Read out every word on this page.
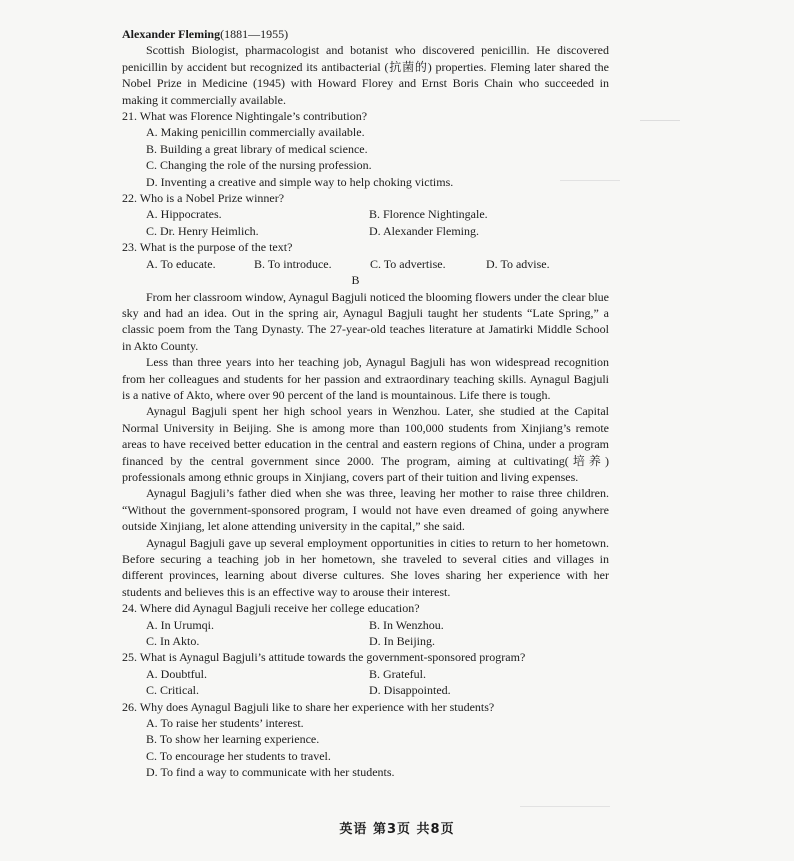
Alexander Fleming(1881—1955)

Scottish Biologist, pharmacologist and botanist who discovered penicillin. He discovered penicillin by accident but recognized its antibacterial (抗菌的) properties. Fleming later shared the Nobel Prize in Medicine (1945) with Howard Florey and Ernst Boris Chain who succeeded in making it commercially available.

21. What was Florence Nightingale’s contribution?
A. Making penicillin commercially available.
B. Building a great library of medical science.
C. Changing the role of the nursing profession.
D. Inventing a creative and simple way to help choking victims.
22. Who is a Nobel Prize winner?
A. Hippocrates.	B. Florence Nightingale.
C. Dr. Henry Heimlich.	D. Alexander Fleming.
23. What is the purpose of the text?
A. To educate.	B. To introduce.	C. To advertise.	D. To advise.
B

From her classroom window, Aynagul Bagjuli noticed the blooming flowers under the clear blue sky and had an idea. Out in the spring air, Aynagul Bagjuli taught her students “Late Spring,” a classic poem from the Tang Dynasty. The 27-year-old teaches literature at Jamatirki Middle School in Akto County.

Less than three years into her teaching job, Aynagul Bagjuli has won widespread recognition from her colleagues and students for her passion and extraordinary teaching skills. Aynagul Bagjuli is a native of Akto, where over 90 percent of the land is mountainous. Life there is tough.

Aynagul Bagjuli spent her high school years in Wenzhou. Later, she studied at the Capital Normal University in Beijing. She is among more than 100,000 students from Xinjiang’s remote areas to have received better education in the central and eastern regions of China, under a program financed by the central government since 2000. The program, aiming at cultivating(培养) professionals among ethnic groups in Xinjiang, covers part of their tuition and living expenses.

Aynagul Bagjuli’s father died when she was three, leaving her mother to raise three children. “Without the government-sponsored program, I would not have even dreamed of going anywhere outside Xinjiang, let alone attending university in the capital,” she said.

Aynagul Bagjuli gave up several employment opportunities in cities to return to her hometown. Before securing a teaching job in her hometown, she traveled to several cities and villages in different provinces, learning about diverse cultures. She loves sharing her experience with her students and believes this is an effective way to arouse their interest.

24. Where did Aynagul Bagjuli receive her college education?
A. In Urumqi.	B. In Wenzhou.
C. In Akto.	D. In Beijing.
25. What is Aynagul Bagjuli’s attitude towards the government-sponsored program?
A. Doubtful.	B. Grateful.
C. Critical.	D. Disappointed.
26. Why does Aynagul Bagjuli like to share her experience with her students?
A. To raise her students’ interest.
B. To show her learning experience.
C. To encourage her students to travel.
D. To find a way to communicate with her students.
英语 第3页 共8页
